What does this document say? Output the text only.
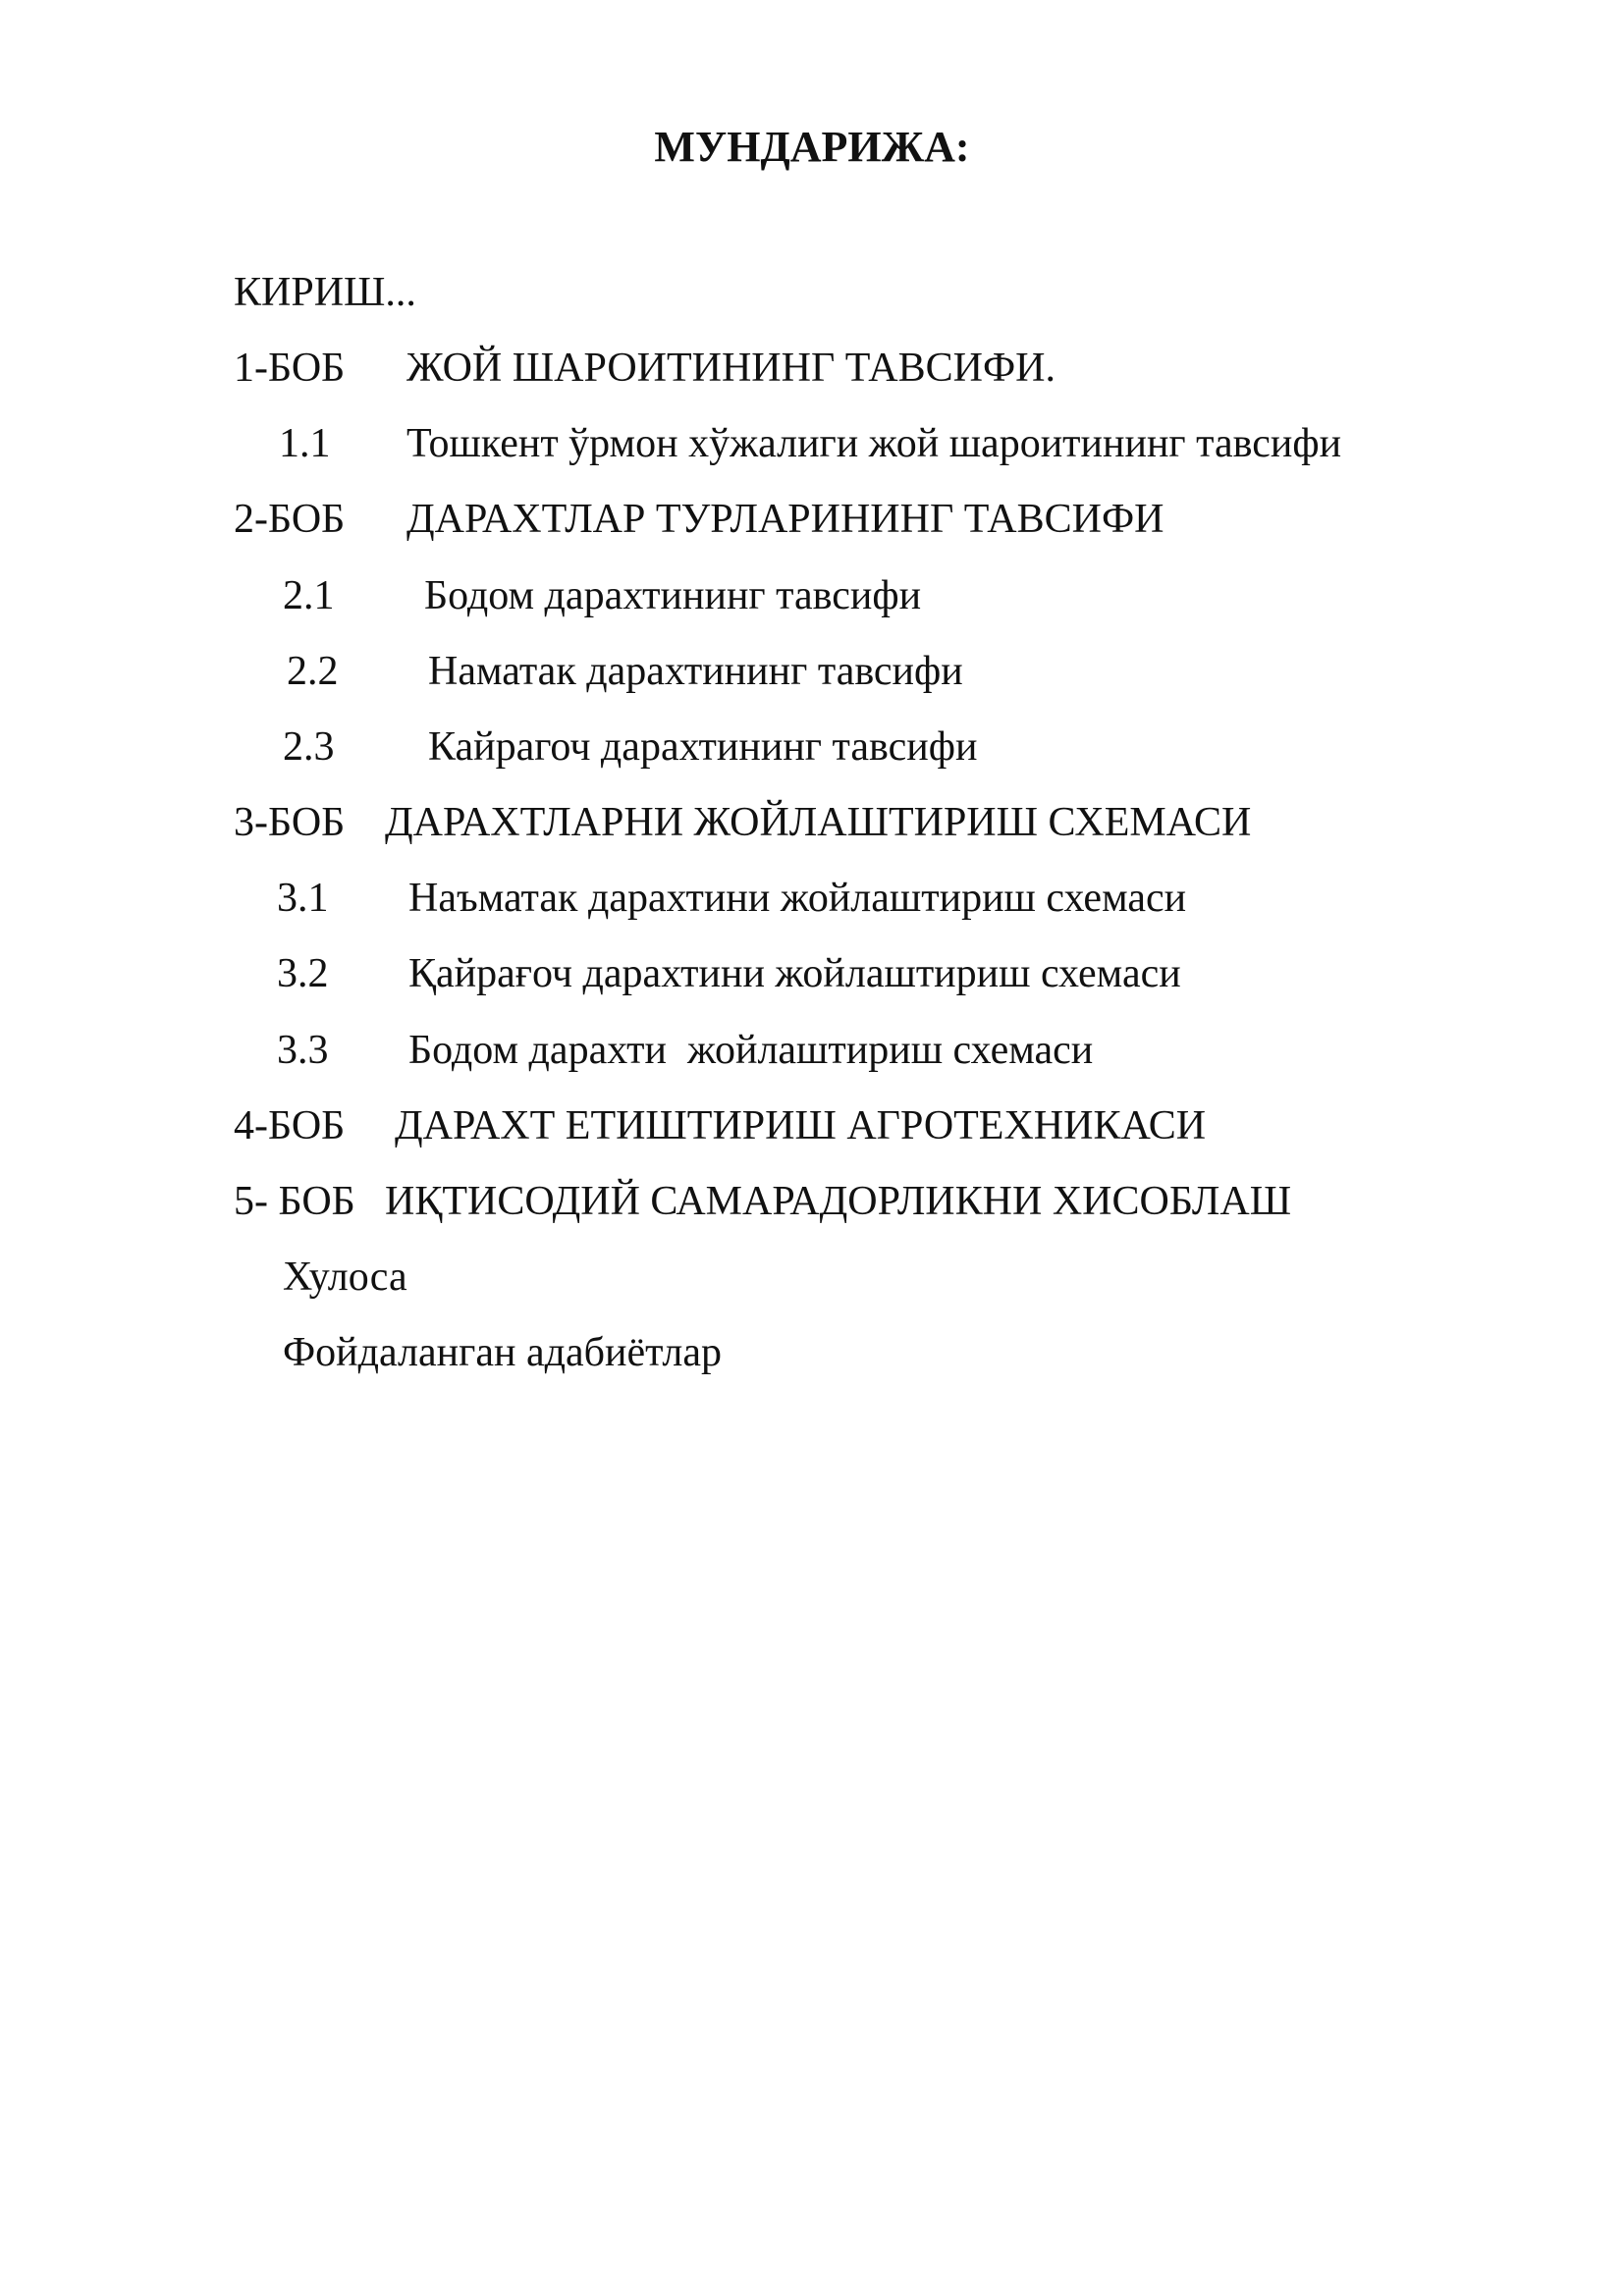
МУНДАРИЖА:
КИРИШ...
1-БОБ ЖОЙ ШАРОИТИНИНГ ТАВСИФИ.
1.1 Тошкент ўрмон хўжалиги жой шароитининг тавсифи
2-БОБ ДАРАХТЛАР ТУРЛАРИНИНГ ТАВСИФИ
2.1 Бодом дарахтининг тавсифи
2.2 Наматак дарахтининг тавсифи
2.3 Кайрагоч дарахтининг тавсифи
3-БОБ ДАРАХТЛАРНИ ЖОЙЛАШТИРИШ СХЕМАСИ
3.1 Наъматак дарахтини жойлаштириш схемаси
3.2 Қайрағоч дарахтини жойлаштириш схемаси
3.3 Бодом дарахти  жойлаштириш схемаси
4-БОБ ДАРАХТ ЕТИШТИРИШ АГРОТЕХНИКАСИ
5- БОБ ИҚТИСОДИЙ САМАРАДОРЛИКНИ ХИСОБЛАШ
Хулоса
Фойдаланган адабиётлар
